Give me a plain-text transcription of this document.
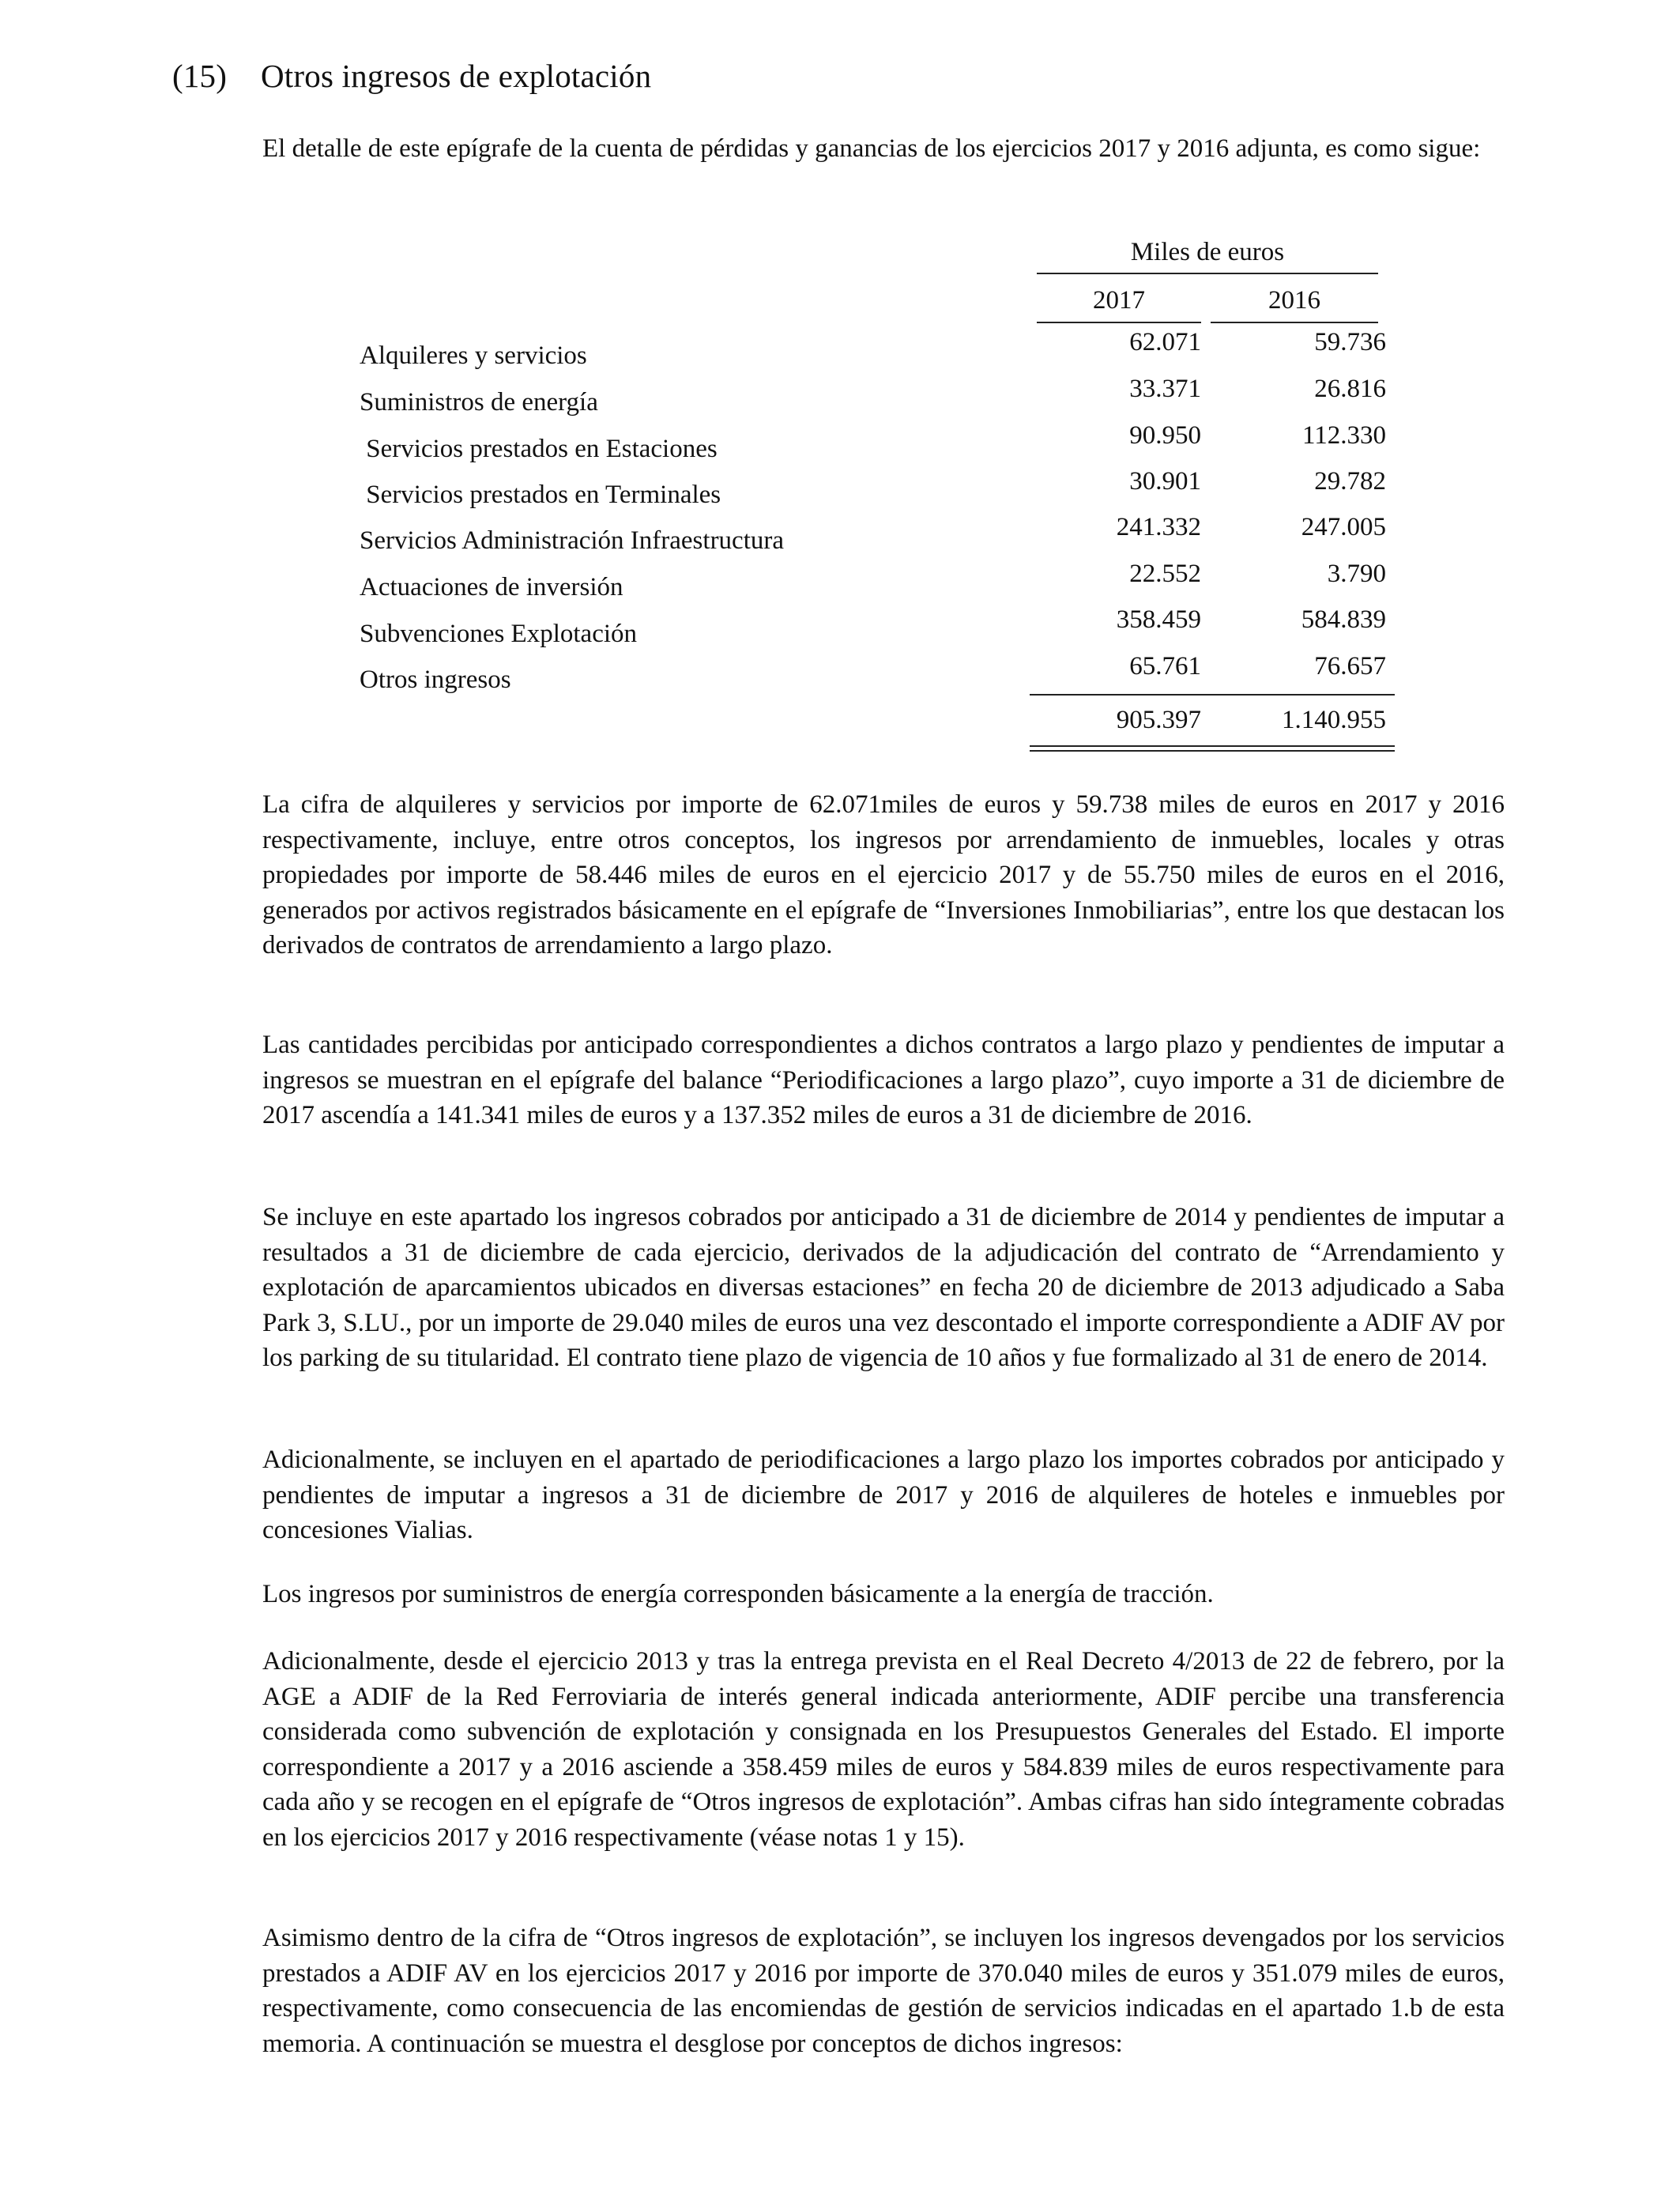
(15) Otros ingresos de explotación

El detalle de este epígrafe de la cuenta de pérdidas y ganancias de los ejercicios 2017 y 2016 adjunta, es como sigue:

Miles de euros
2017	2016
Alquileres y servicios	62.071	59.736
Suministros de energía	33.371	26.816
Servicios prestados en Estaciones	90.950	112.330
Servicios prestados en Terminales	30.901	29.782
Servicios Administración Infraestructura	241.332	247.005
Actuaciones de inversión	22.552	3.790
Subvenciones Explotación	358.459	584.839
Otros ingresos	65.761	76.657
905.397	1.140.955

La cifra de alquileres y servicios por importe de 62.071miles de euros y 59.738 miles de euros en 2017 y 2016 respectivamente, incluye, entre otros conceptos, los ingresos por arrendamiento de inmuebles, locales y otras propiedades por importe de 58.446 miles de euros en el ejercicio 2017 y de 55.750 miles de euros en el 2016, generados por activos registrados básicamente en el epígrafe de “Inversiones Inmobiliarias”, entre los que destacan los derivados de contratos de arrendamiento a largo plazo.

Las cantidades percibidas por anticipado correspondientes a dichos contratos a largo plazo y pendientes de imputar a ingresos se muestran en el epígrafe del balance “Periodificaciones a largo plazo”, cuyo importe a 31 de diciembre de 2017 ascendía a 141.341 miles de euros y a 137.352 miles de euros a 31 de diciembre de 2016.

Se incluye en este apartado los ingresos cobrados por anticipado a 31 de diciembre de 2014 y pendientes de imputar a resultados a 31 de diciembre de cada ejercicio, derivados de la adjudicación del contrato de “Arrendamiento y explotación de aparcamientos ubicados en diversas estaciones” en fecha 20 de diciembre de 2013 adjudicado a Saba Park 3, S.LU., por un importe de 29.040 miles de euros una vez descontado el importe correspondiente a ADIF AV por los parking de su titularidad. El contrato tiene plazo de vigencia de 10 años y fue formalizado al 31 de enero de 2014.

Adicionalmente, se incluyen en el apartado de periodificaciones a largo plazo los importes cobrados por anticipado y pendientes de imputar a ingresos a 31 de diciembre de 2017 y 2016 de alquileres de hoteles e inmuebles por concesiones Vialias.

Los ingresos por suministros de energía corresponden básicamente a la energía de tracción.

Adicionalmente, desde el ejercicio 2013 y tras la entrega prevista en el Real Decreto 4/2013 de 22 de febrero, por la AGE a ADIF de la Red Ferroviaria de interés general indicada anteriormente, ADIF percibe una transferencia considerada como subvención de explotación y consignada en los Presupuestos Generales del Estado. El importe correspondiente a 2017 y a 2016 asciende a 358.459 miles de euros y 584.839 miles de euros respectivamente para cada año y se recogen en el epígrafe de “Otros ingresos de explotación”. Ambas cifras han sido íntegramente cobradas en los ejercicios 2017 y 2016 respectivamente (véase notas 1 y 15).

Asimismo dentro de la cifra de “Otros ingresos de explotación”, se incluyen los ingresos devengados por los servicios prestados a ADIF AV en los ejercicios 2017 y 2016 por importe de 370.040 miles de euros y 351.079 miles de euros, respectivamente, como consecuencia de las encomiendas de gestión de servicios indicadas en el apartado 1.b de esta memoria. A continuación se muestra el desglose por conceptos de dichos ingresos:
